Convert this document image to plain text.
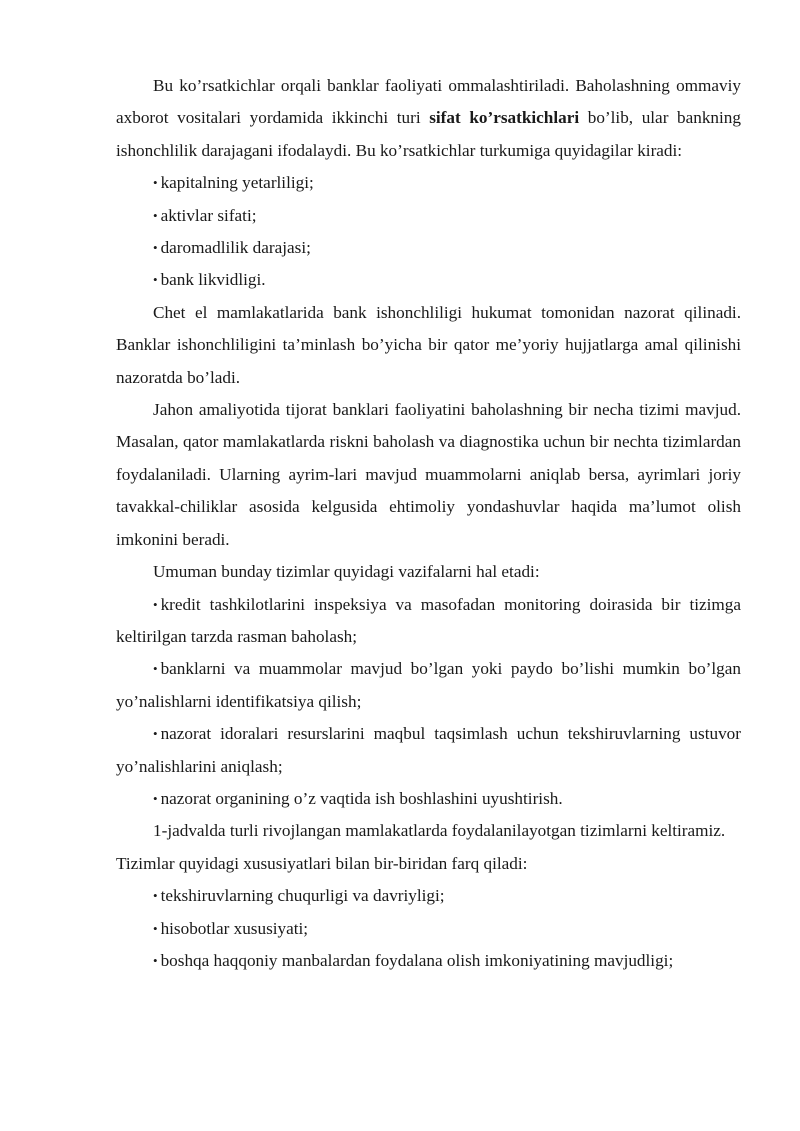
Bu ko’rsatkichlar orqali banklar faoliyati ommalashtiriladi. Baholashning ommaviy axborot vositalari yordamida ikkinchi turi sifat ko’rsatkichlari bo’lib, ular bankning ishonchlilik darajagani ifodalaydi. Bu ko’rsatkichlar turkumiga quyidagilar kiradi:

• kapitalning yetarliligi;

• aktivlar sifati;

• daromadlilik darajasi;

• bank likvidligi.

Chet el mamlakatlarida bank ishonchliligi hukumat tomonidan nazorat qilinadi. Banklar ishonchliligini ta’minlash bo’yicha bir qator me’yoriy hujjatlarga amal qilinishi nazoratda bo’ladi.

Jahon amaliyotida tijorat banklari faoliyatini baholashning bir necha tizimi mavjud. Masalan, qator mamlakatlarda riskni baholash va diagnostika uchun bir nechta tizimlardan foydalaniladi. Ularning ayrim-lari mavjud muammolarni aniqlab bersa, ayrimlari joriy tavakkal-chiliklar asosida kelgusida ehtimoliy yondashuvlar haqida ma’lumot olish imkonini beradi.

Umuman bunday tizimlar quyidagi vazifalarni hal etadi:

• kredit tashkilotlarini inspeksiya va masofadan monitoring doirasida bir tizimga keltirilgan tarzda rasman baholash;

• banklarni va muammolar mavjud bo’lgan yoki paydo bo’lishi mumkin bo’lgan yo’nalishlarni identifikatsiya qilish;

• nazorat idoralari resurslarini maqbul taqsimlash uchun tekshiruvlarning ustuvor yo’nalishlarini aniqlash;

• nazorat organining o’z vaqtida ish boshlashini uyushtirish.

1-jadvalda turli rivojlangan mamlakatlarda foydalanilayotgan tizimlarni keltiramiz.

Tizimlar quyidagi xususiyatlari bilan bir-biridan farq qiladi:

• tekshiruvlarning chuqurligi va davriyligi;

• hisobotlar xususiyati;

• boshqa haqqoniy manbalardan foydalana olish imkoniyatining mavjudligi;
